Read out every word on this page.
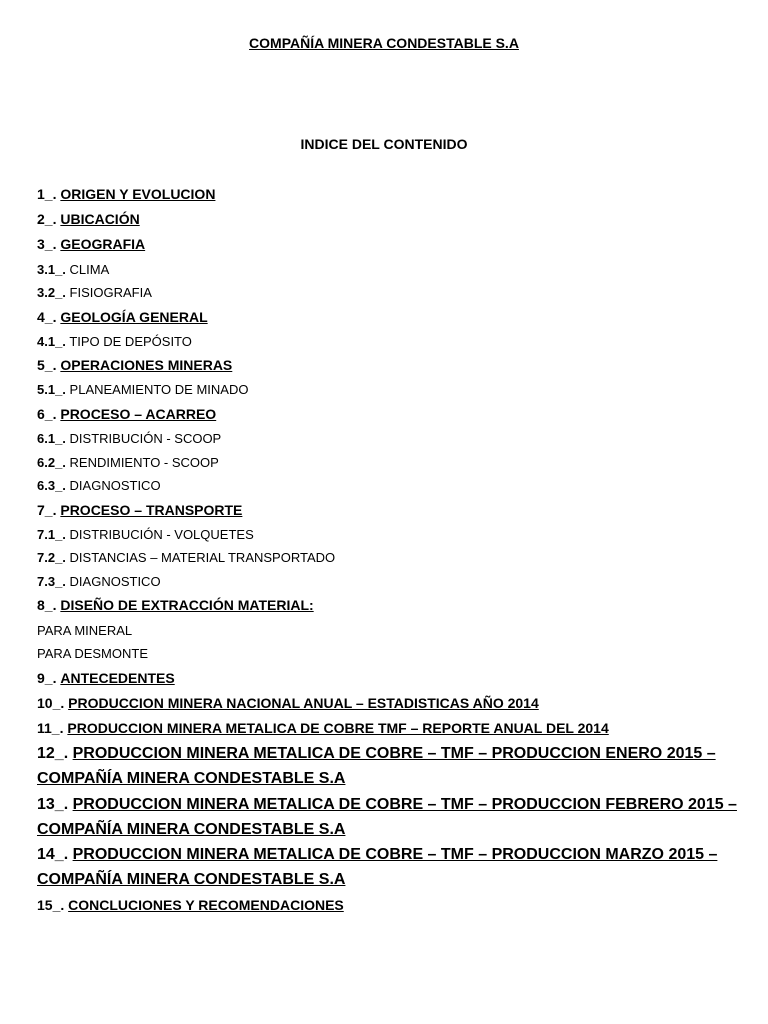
COMPAÑÍA MINERA CONDESTABLE S.A
INDICE DEL CONTENIDO
1_. ORIGEN Y EVOLUCION
2_. UBICACIÓN
3_. GEOGRAFIA
3.1_. CLIMA
3.2_. FISIOGRAFIA
4_. GEOLOGÍA GENERAL
4.1_. TIPO DE DEPÓSITO
5_. OPERACIONES MINERAS
5.1_. PLANEAMIENTO DE MINADO
6_. PROCESO – ACARREO
6.1_. DISTRIBUCIÓN - SCOOP
6.2_. RENDIMIENTO - SCOOP
6.3_. DIAGNOSTICO
7_. PROCESO – TRANSPORTE
7.1_. DISTRIBUCIÓN - VOLQUETES
7.2_. DISTANCIAS – MATERIAL TRANSPORTADO
7.3_. DIAGNOSTICO
8_. DISEÑO DE EXTRACCIÓN MATERIAL:
PARA MINERAL
PARA DESMONTE
9_. ANTECEDENTES
10_. PRODUCCION MINERA NACIONAL ANUAL – ESTADISTICAS AÑO 2014
11_. PRODUCCION MINERA METALICA DE COBRE TMF – REPORTE ANUAL DEL 2014
12_. PRODUCCION MINERA METALICA DE COBRE – TMF – PRODUCCION ENERO 2015 –
COMPAÑÍA MINERA CONDESTABLE S.A
13_. PRODUCCION MINERA METALICA DE COBRE – TMF – PRODUCCION FEBRERO 2015 –
COMPAÑÍA MINERA CONDESTABLE S.A
14_. PRODUCCION MINERA METALICA DE COBRE – TMF – PRODUCCION MARZO 2015 –
COMPAÑÍA MINERA CONDESTABLE S.A
15_. CONCLUCIONES Y RECOMENDACIONES
